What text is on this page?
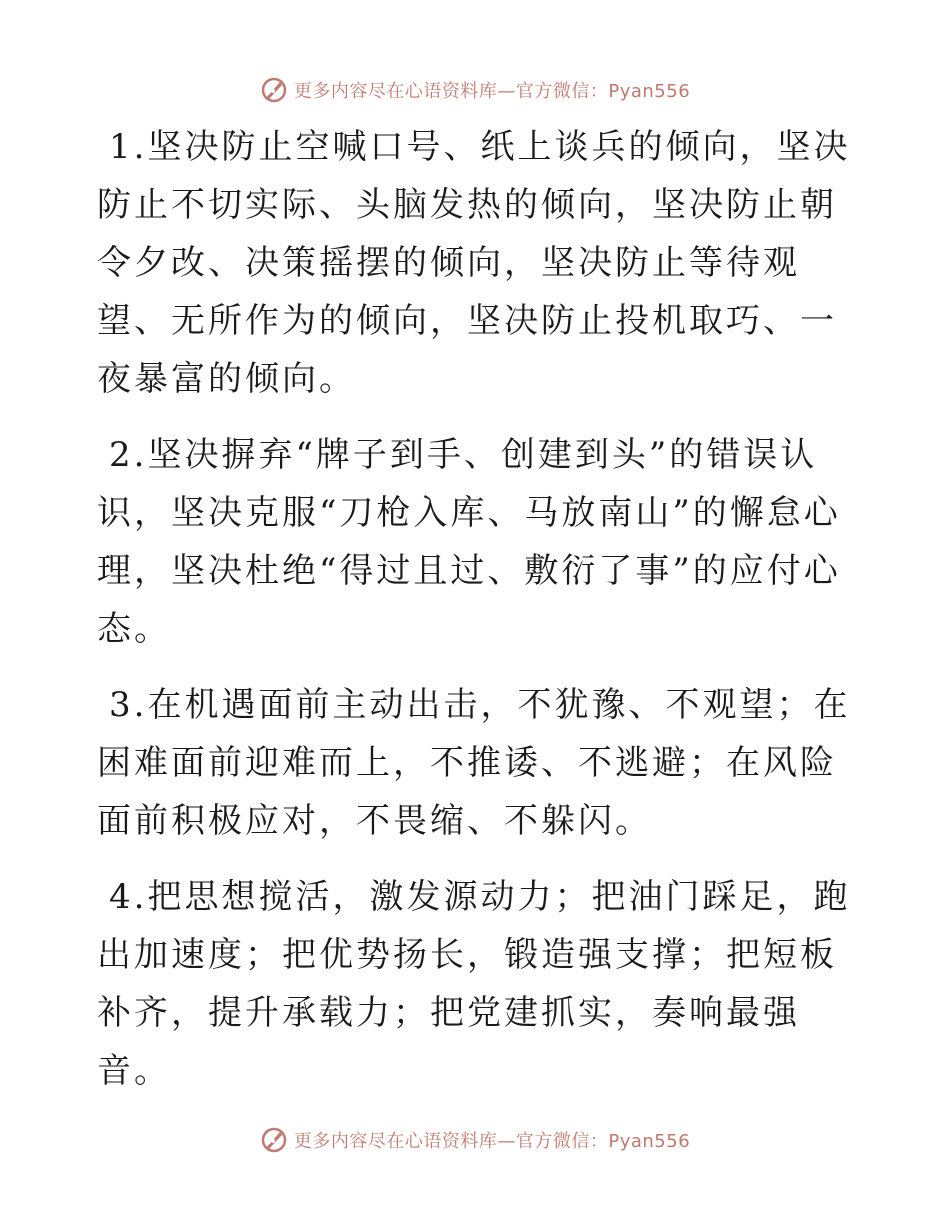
更多内容尽在心语资料库—官方微信：Pyan556

1.坚决防止空喊口号、纸上谈兵的倾向，坚决防止不切实际、头脑发热的倾向，坚决防止朝令夕改、决策摇摆的倾向，坚决防止等待观望、无所作为的倾向，坚决防止投机取巧、一夜暴富的倾向。

2.坚决摒弃“牌子到手、创建到头”的错误认识，坚决克服“刀枪入库、马放南山”的懈怠心理，坚决杜绝“得过且过、敷衍了事”的应付心态。

3.在机遇面前主动出击，不犹豫、不观望；在困难面前迎难而上，不推诿、不逃避；在风险面前积极应对，不畏缩、不躲闪。

4.把思想搅活，激发源动力；把油门踩足，跑出加速度；把优势扬长，锻造强支撑；把短板补齐，提升承载力；把党建抓实，奏响最强音。

更多内容尽在心语资料库—官方微信：Pyan556
